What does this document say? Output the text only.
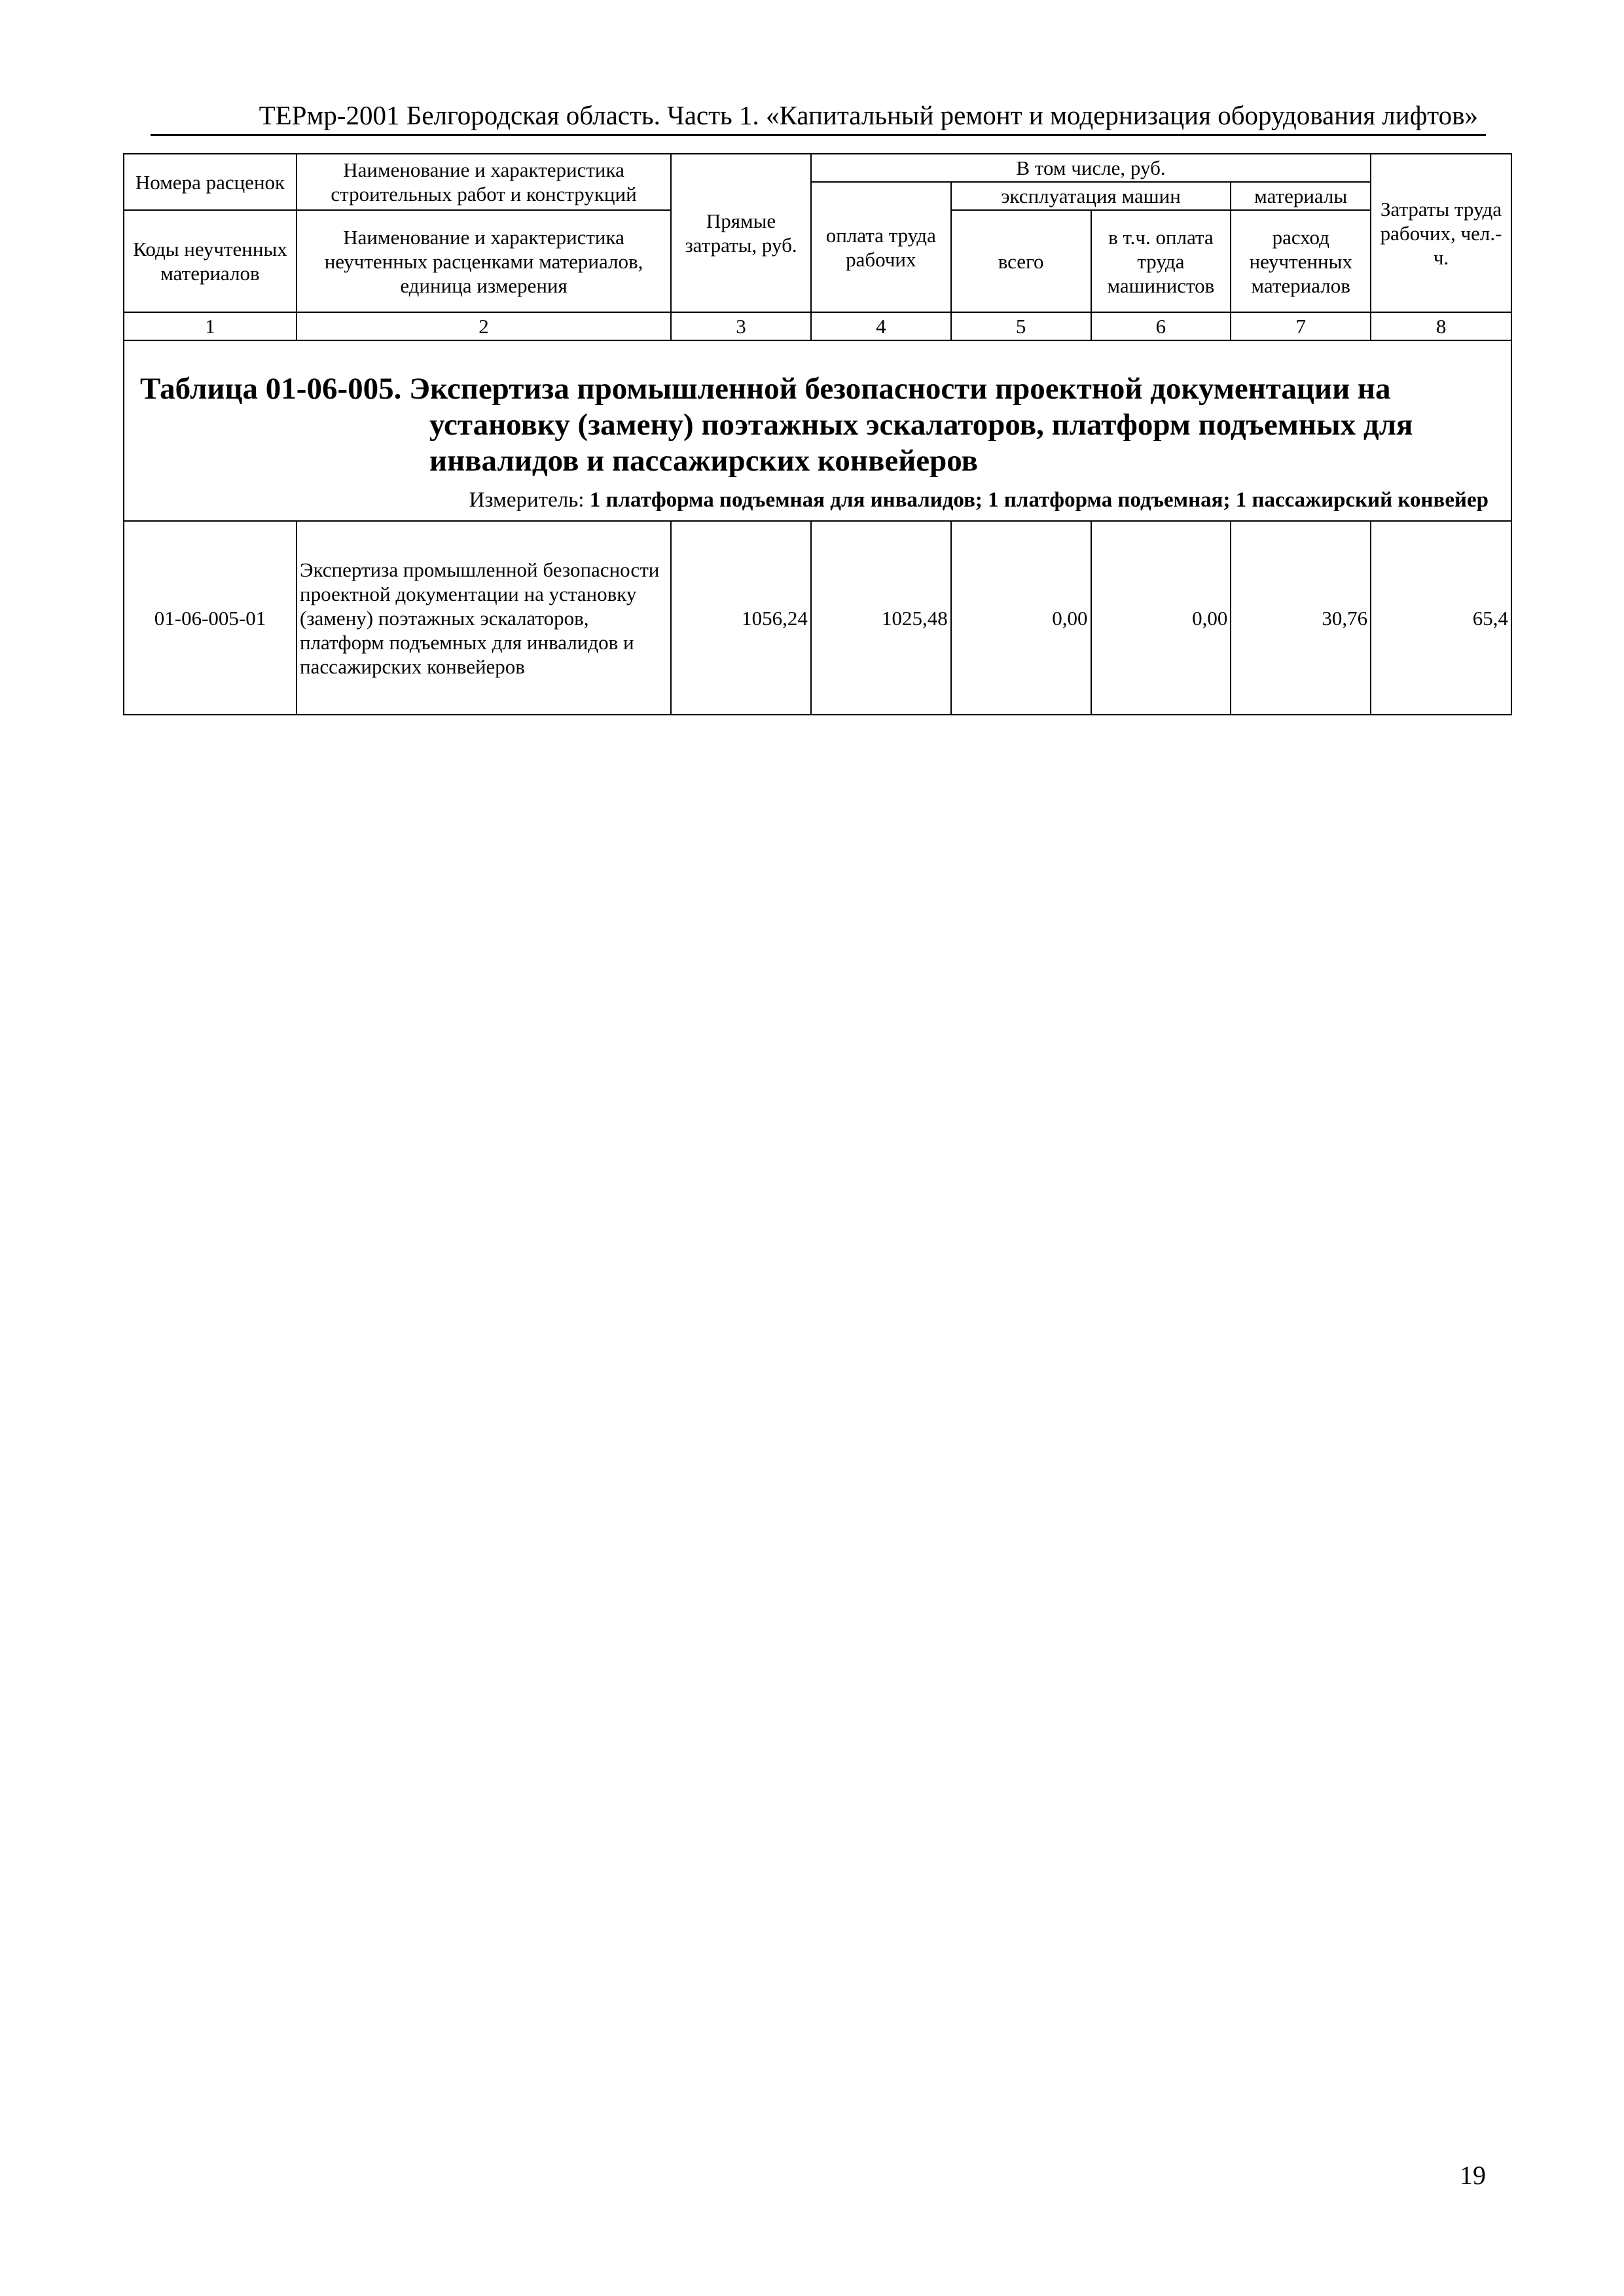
ТЕРмр-2001 Белгородская область. Часть 1. «Капитальный ремонт и модернизация оборудования лифтов»
Номера расценок	Наименование и характеристика строительных работ и конструкций	Прямые затраты, руб.	В том числе, руб.				Затраты труда рабочих, чел.-ч.
			оплата труда рабочих	эксплуатация машин		материалы	
Коды неучтенных материалов	Наименование и характеристика неучтенных расценками материалов, единица измерения			всего	в т.ч. оплата труда машинистов	расход неучтенных материалов	

1	2	3	4	5	6	7	8

Таблица 01-06-005. Экспертиза промышленной безопасности проектной документации на установку (замену) поэтажных эскалаторов, платформ подъемных для инвалидов и пассажирских конвейеров
Измеритель: 1 платформа подъемная для инвалидов; 1 платформа подъемная; 1 пассажирский конвейер							

01-06-005-01	Экспертиза промышленной безопасности проектной документации на установку (замену) поэтажных эскалаторов, платформ подъемных для инвалидов и пассажирских конвейеров	1056,24	1025,48	0,00	0,00	30,76	65,4
19
